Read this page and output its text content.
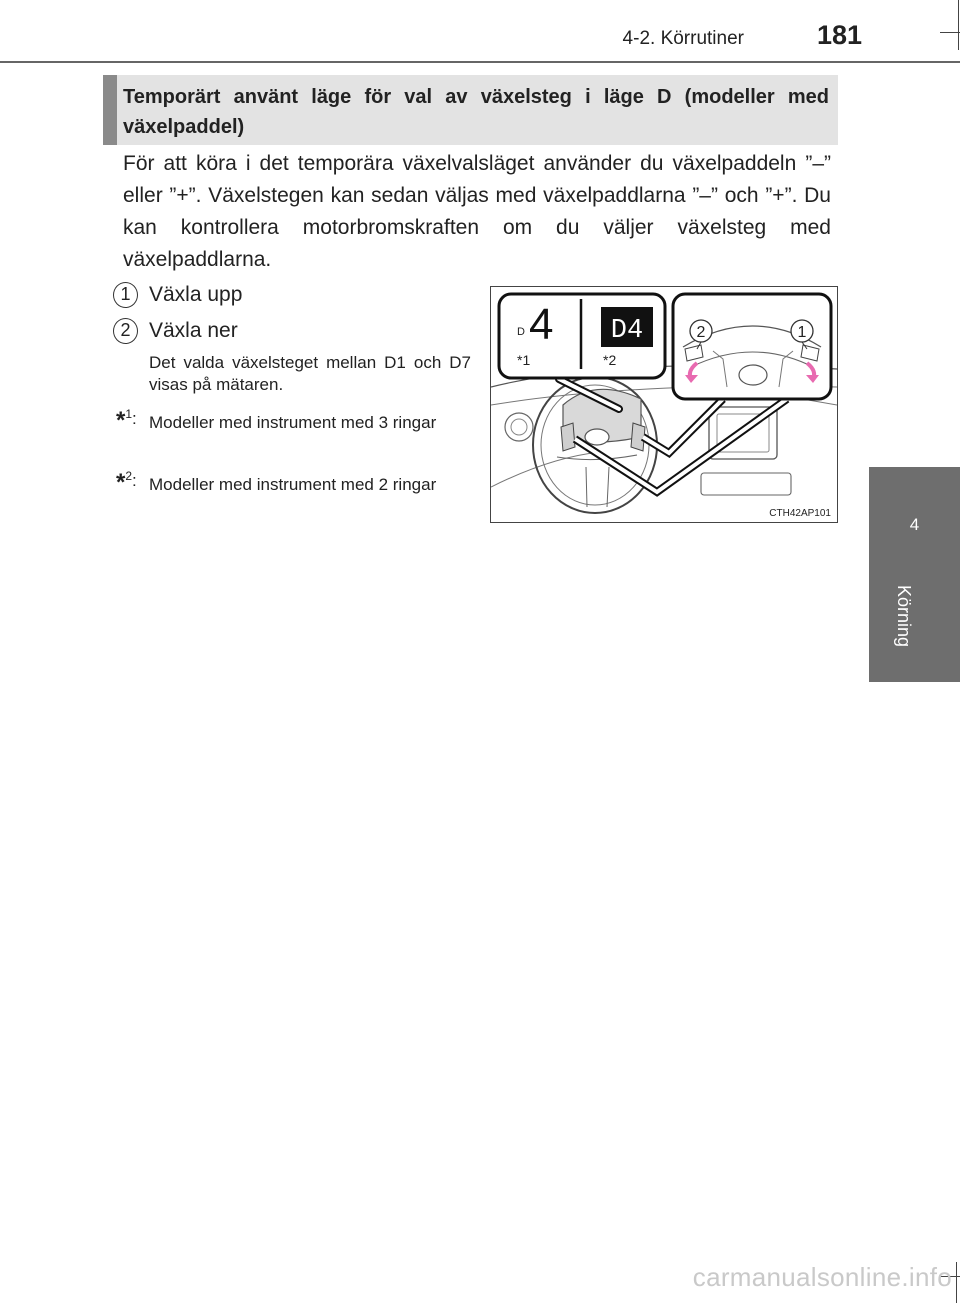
4-2. Körrutiner	181
4
Körning
Temporärt använt läge för val av växelsteg i läge D (modeller med växelpaddel)
För att köra i det temporära växelvalsläget använder du växelpaddeln ”–” eller ”+”. Växelstegen kan sedan väljas med växelpaddlarna ”–” och ”+”. Du kan kontrollera motorbromskraften om du väljer växelsteg med växelpaddlarna.
1 Växla upp
2 Växla ner
Det valda växelsteget mellan D1 och D7 visas på mätaren.
*$^1$: Modeller med instrument med 3 ringar
*$^2$: Modeller med instrument med 2 ringar
D 4 D4
*1	*2
2	1
CTH42AP101
carmanualsonline.info
